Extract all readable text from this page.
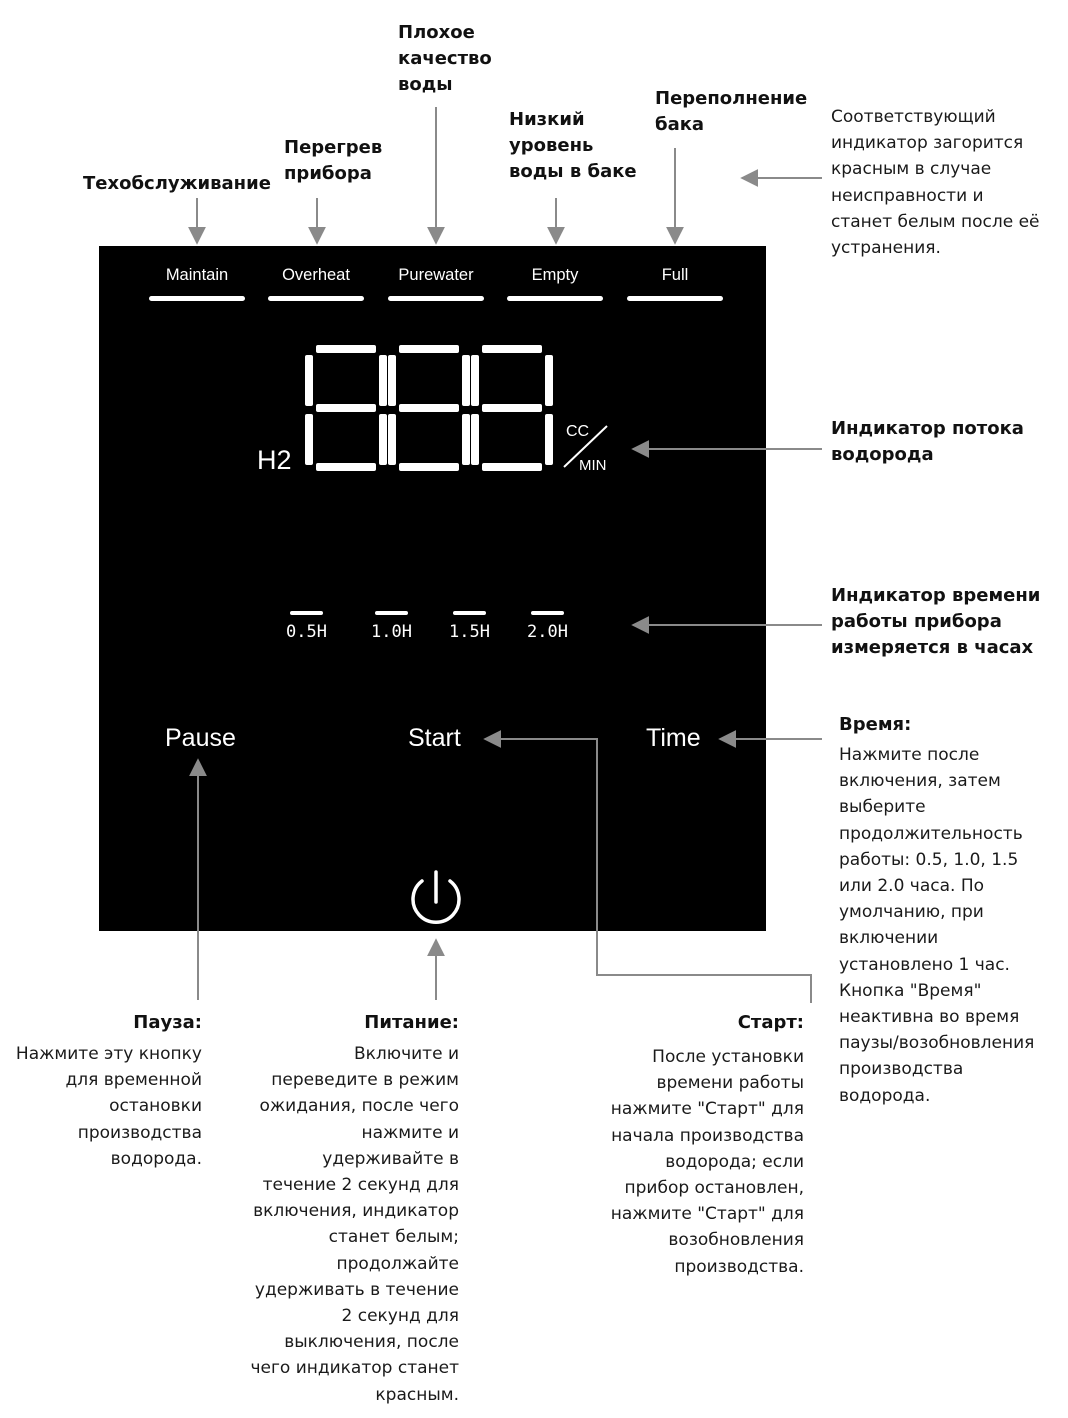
Техобслуживание
Перегрев
прибора
Плохое
качество
воды
Низкий
уровень
воды в баке
Переполнение
бака	Соответствующий
индикатор загорится
красным в случае
неисправности и
станет белым после её
устранения.
Maintain	Overheat	Purewater	Empty	Full
H2
CC
MIN
0.5H	1.0H 1.5H 2.0H
Pause	Start	Time
Индикатор потока
водорода
Индикатор времени
работы прибора
измеряется в часах
Время:
Нажмите после
включения, затем
выберите
продолжительность
работы: 0.5, 1.0, 1.5
или 2.0 часа. По
умолчанию, при
включении
установлено 1 час.
Кнопка "Время"
неактивна во время
паузы/возобновления
производства
водорода.
Пауза:
Нажмите эту кнопку
для временной
остановки
производства
водорода.
Питание:
Включите и
переведите в режим
ожидания, после чего
нажмите и
удерживайте в
течение 2 секунд для
включения, индикатор
станет белым;
продолжайте
удерживать в течение
2 секунд для
выключения, после
чего индикатор станет
красным.
Старт:
После установки
времени работы
нажмите "Старт" для
начала производства
водорода; если
прибор остановлен,
нажмите "Старт" для
возобновления
производства.
